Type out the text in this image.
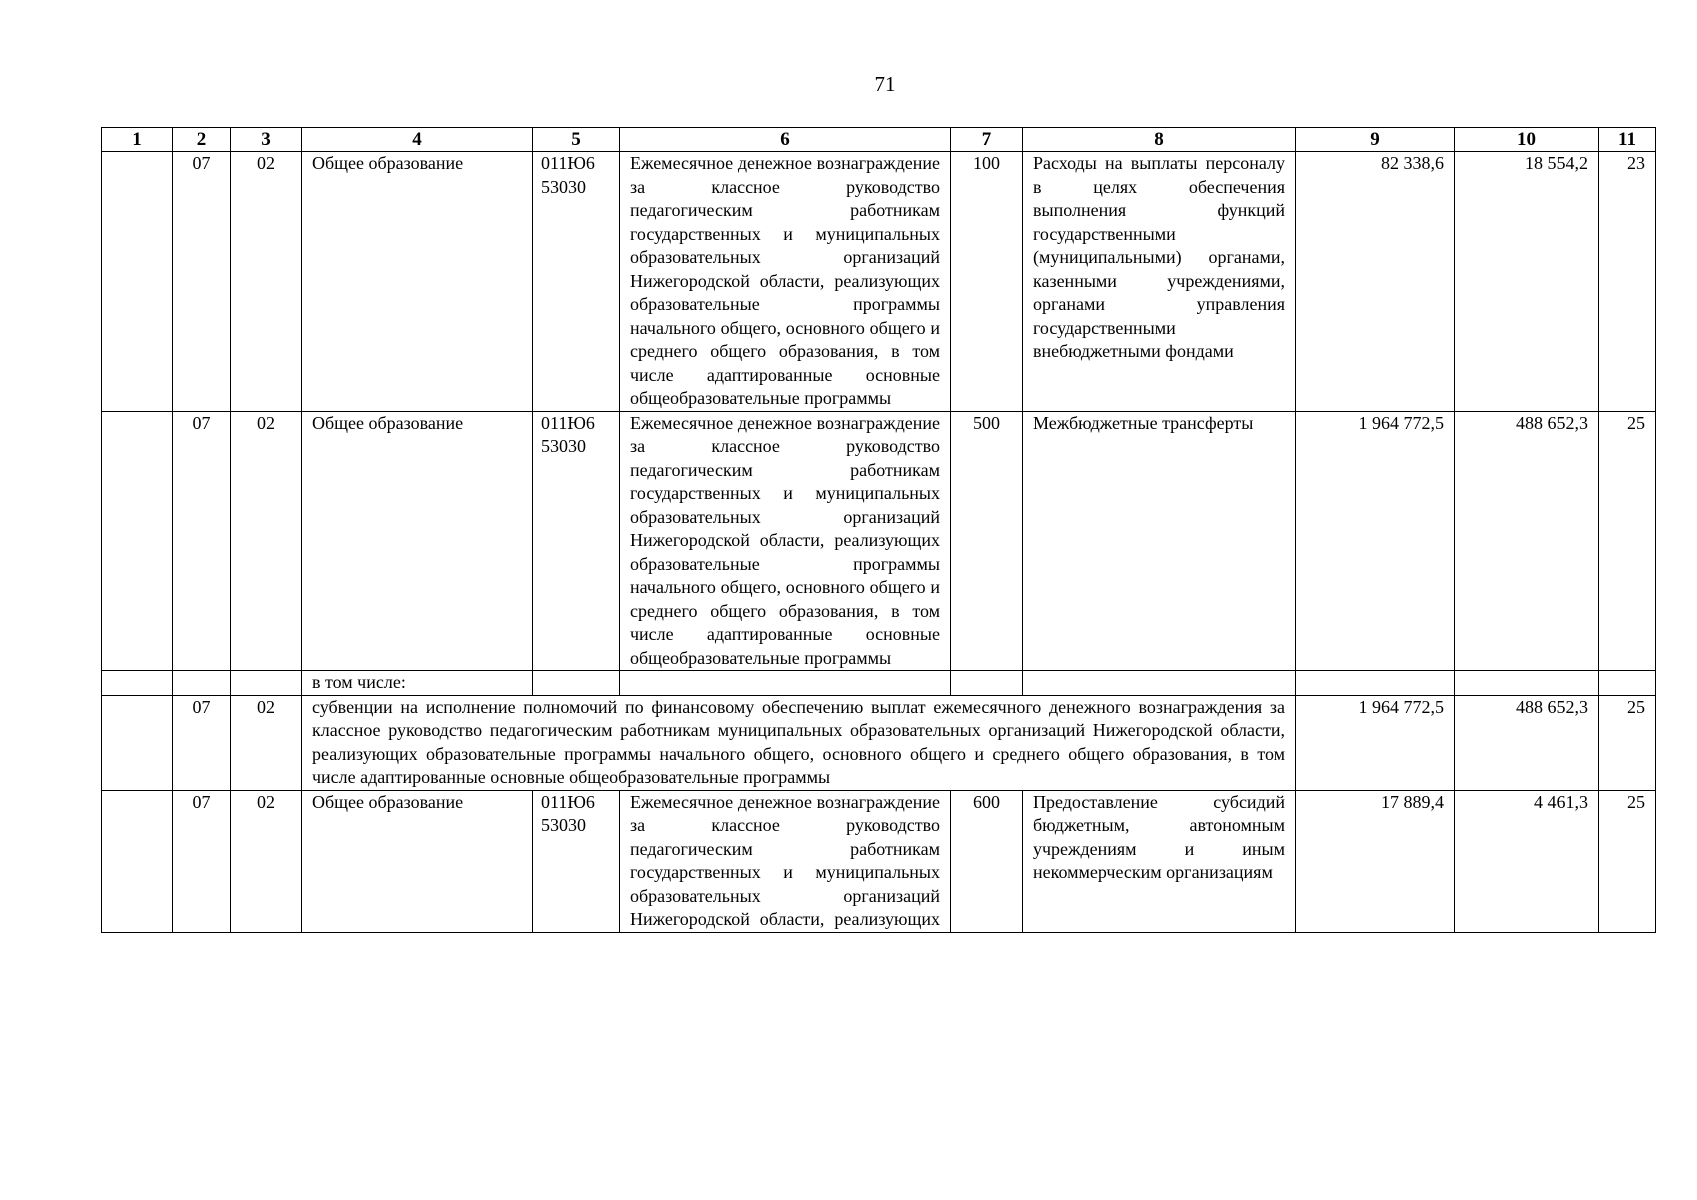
71
1	2	3	4	5	6	7	8	9	10	11
	07	02	Общее образование	011Ю6 53030	Ежемесячное денежное вознаграждение за классное руководство педагогическим работникам государственных и муниципальных образовательных организаций Нижегородской области, реализующих образовательные программы начального общего, основного общего и среднего общего образования, в том числе адаптированные основные общеобразовательные программы	100	Расходы на выплаты персоналу в целях обеспечения выполнения функций государственными (муниципальными) органами, казенными учреждениями, органами управления государственными внебюджетными фондами	82 338,6	18 554,2	23
	07	02	Общее образование	011Ю6 53030	Ежемесячное денежное вознаграждение за классное руководство педагогическим работникам государственных и муниципальных образовательных организаций Нижегородской области, реализующих образовательные программы начального общего, основного общего и среднего общего образования, в том числе адаптированные основные общеобразовательные программы	500	Межбюджетные трансферты	1 964 772,5	488 652,3	25
			в том числе:							
	07	02	субвенции на исполнение полномочий по финансовому обеспечению выплат ежемесячного денежного вознаграждения за классное руководство педагогическим работникам муниципальных образовательных организаций Нижегородской области, реализующих образовательные программы начального общего, основного общего и среднего общего образования, в том числе адаптированные основные общеобразовательные программы					1 964 772,5	488 652,3	25
	07	02	Общее образование	011Ю6 53030	Ежемесячное денежное вознаграждение за классное руководство педагогическим работникам государственных и муниципальных образовательных организаций Нижегородской области, реализующих	600	Предоставление субсидий бюджетным, автономным учреждениям и иным некоммерческим организациям	17 889,4	4 461,3	25
